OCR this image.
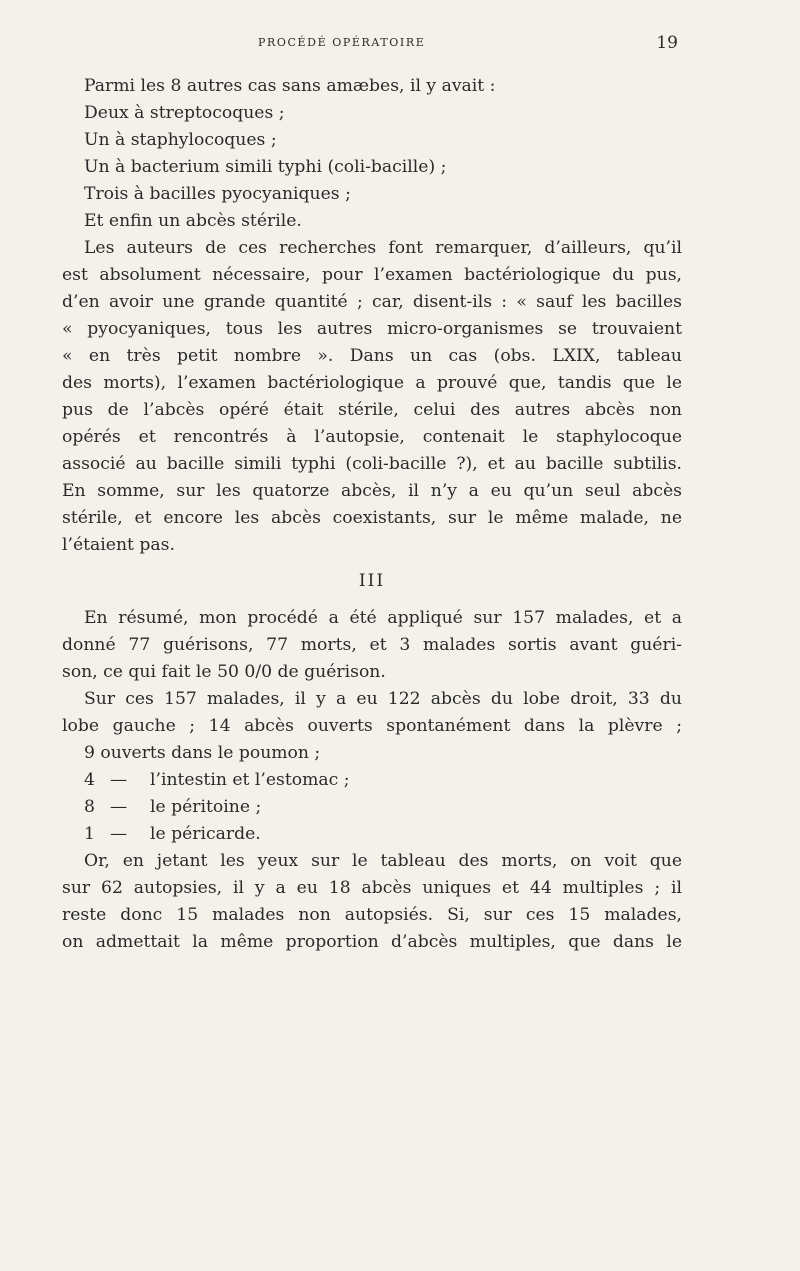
PROCÉDÉ OPÉRATOIRE	19
Parmi les 8 autres cas sans amæbes, il y avait :
Deux à streptocoques ;
Un à staphylocoques ;
Un à bacterium simili typhi (coli-bacille) ;
Trois à bacilles pyocyaniques ;
Et enfin un abcès stérile.
Les auteurs de ces recherches font remarquer, d’ailleurs, qu’il
est absolument nécessaire, pour l’examen bactériologique du pus,
d’en avoir une grande quantité ; car, disent-ils : « sauf les bacilles
« pyocyaniques, tous les autres micro-organismes se trouvaient
« en très petit nombre ». Dans un cas (obs. LXIX, tableau
des morts), l’examen bactériologique a prouvé que, tandis que le
pus de l’abcès opéré était stérile, celui des autres abcès non
opérés et rencontrés à l’autopsie, contenait le staphylocoque
associé au bacille simili typhi (coli-bacille ?), et au bacille subtilis.
En somme, sur les quatorze abcès, il n’y a eu qu’un seul abcès
stérile, et encore les abcès coexistants, sur le même malade, ne
l’étaient pas.
III
En résumé, mon procédé a été appliqué sur 157 malades, et a
donné 77 guérisons, 77 morts, et 3 malades sortis avant guéri-
son, ce qui fait le 50 0/0 de guérison.
Sur ces 157 malades, il y a eu 122 abcès du lobe droit, 33 du
lobe gauche ; 14 abcès ouverts spontanément dans la plèvre ;
9 ouverts dans le poumon ;
4 — l’intestin et l’estomac ;
8 — le péritoine ;
1 — le péricarde.
Or, en jetant les yeux sur le tableau des morts, on voit que
sur 62 autopsies, il y a eu 18 abcès uniques et 44 multiples ; il
reste donc 15 malades non autopsiés. Si, sur ces 15 malades,
on admettait la même proportion d’abcès multiples, que dans le
